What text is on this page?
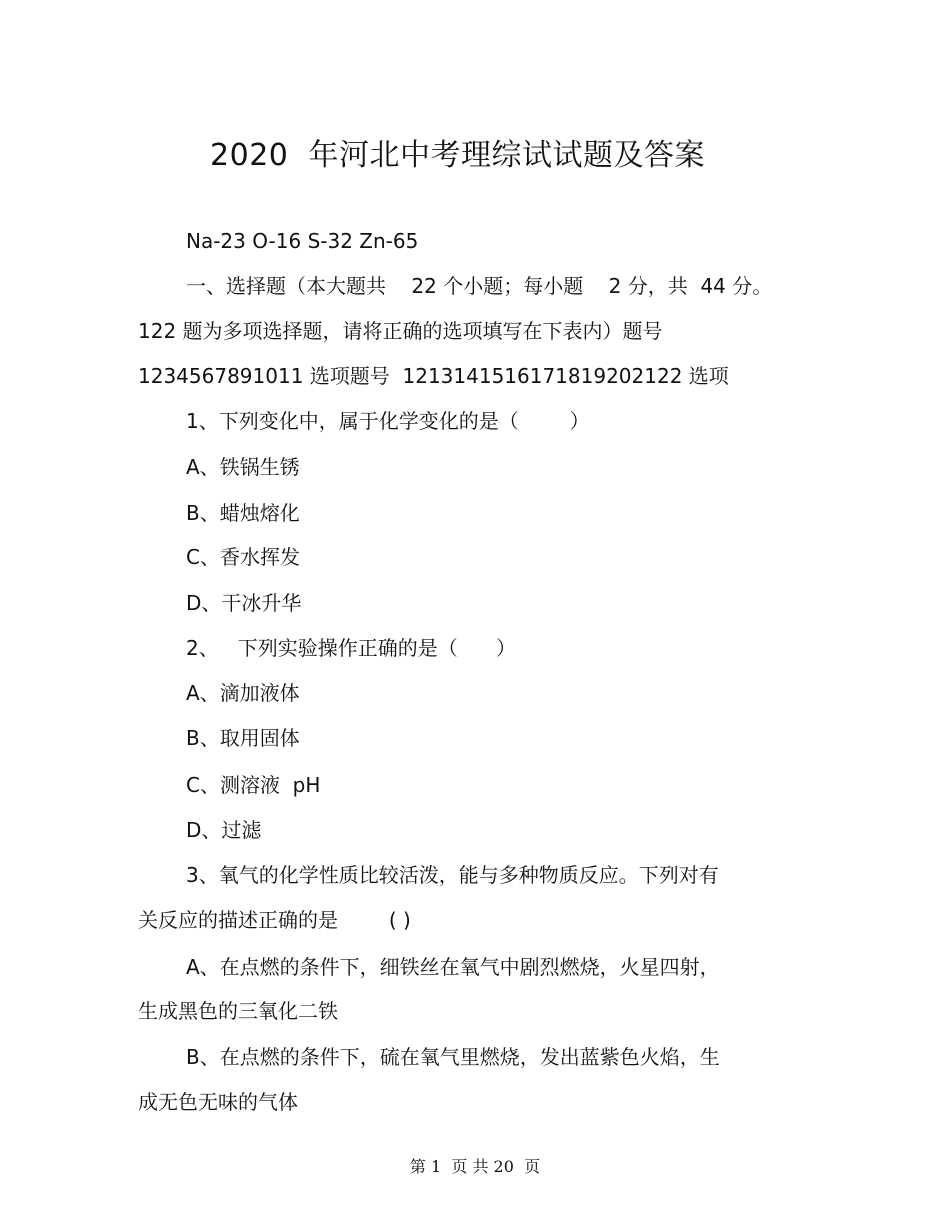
2020  年河北中考理综试试题及答案
Na-23 O-16 S-32 Zn-65
一、选择题（本大题共    22 个小题；每小题    2 分，共  44 分。
122 题为多项选择题，请将正确的选项填写在下表内）题号
1234567891011 选项题号  1213141516171819202122 选项
1、下列变化中，属于化学变化的是（        ）
A、铁锅生锈
B、蜡烛熔化
C、香水挥发
D、干冰升华
2、   下列实验操作正确的是（      ）
A、滴加液体
B、取用固体
C、测溶液  pH
D、过滤
3、氧气的化学性质比较活泼，能与多种物质反应。下列对有
关反应的描述正确的是        ( )
A、在点燃的条件下，细铁丝在氧气中剧烈燃烧，火星四射，
生成黑色的三氧化二铁
B、在点燃的条件下，硫在氧气里燃烧，发出蓝紫色火焰，生
成无色无味的气体
第 1  页 共 20  页
